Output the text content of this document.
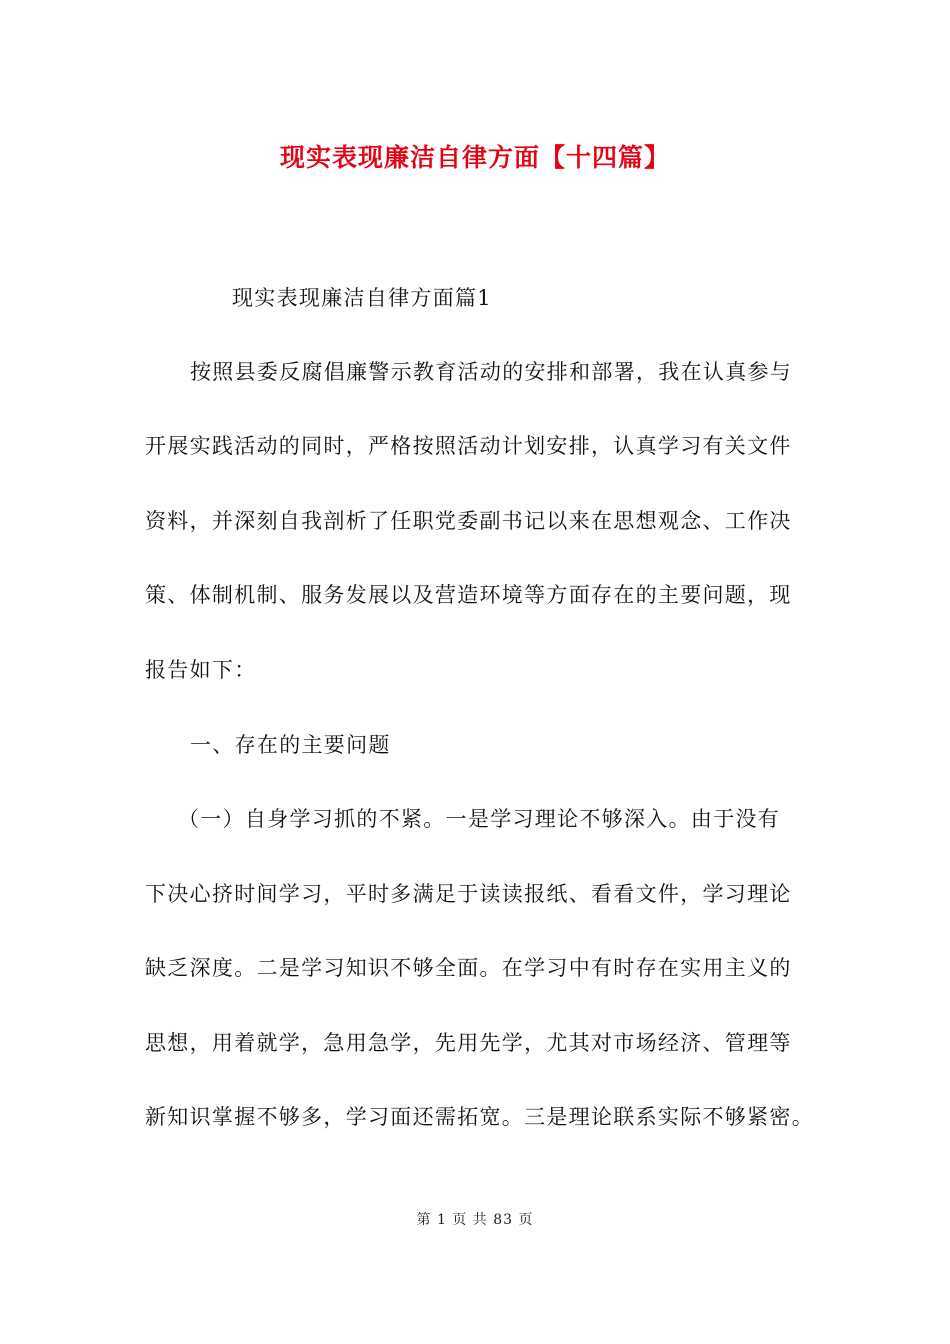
现实表现廉洁自律方面【十四篇】
现实表现廉洁自律方面篇1
按照县委反腐倡廉警示教育活动的安排和部署，我在认真参与
开展实践活动的同时，严格按照活动计划安排，认真学习有关文件
资料，并深刻自我剖析了任职党委副书记以来在思想观念、工作决
策、体制机制、服务发展以及营造环境等方面存在的主要问题，现
报告如下：
一、存在的主要问题
（一）自身学习抓的不紧。一是学习理论不够深入。由于没有
下决心挤时间学习，平时多满足于读读报纸、看看文件，学习理论
缺乏深度。二是学习知识不够全面。在学习中有时存在实用主义的
思想，用着就学，急用急学，先用先学，尤其对市场经济、管理等
新知识掌握不够多，学习面还需拓宽。三是理论联系实际不够紧密。
第 1 页 共 83 页
